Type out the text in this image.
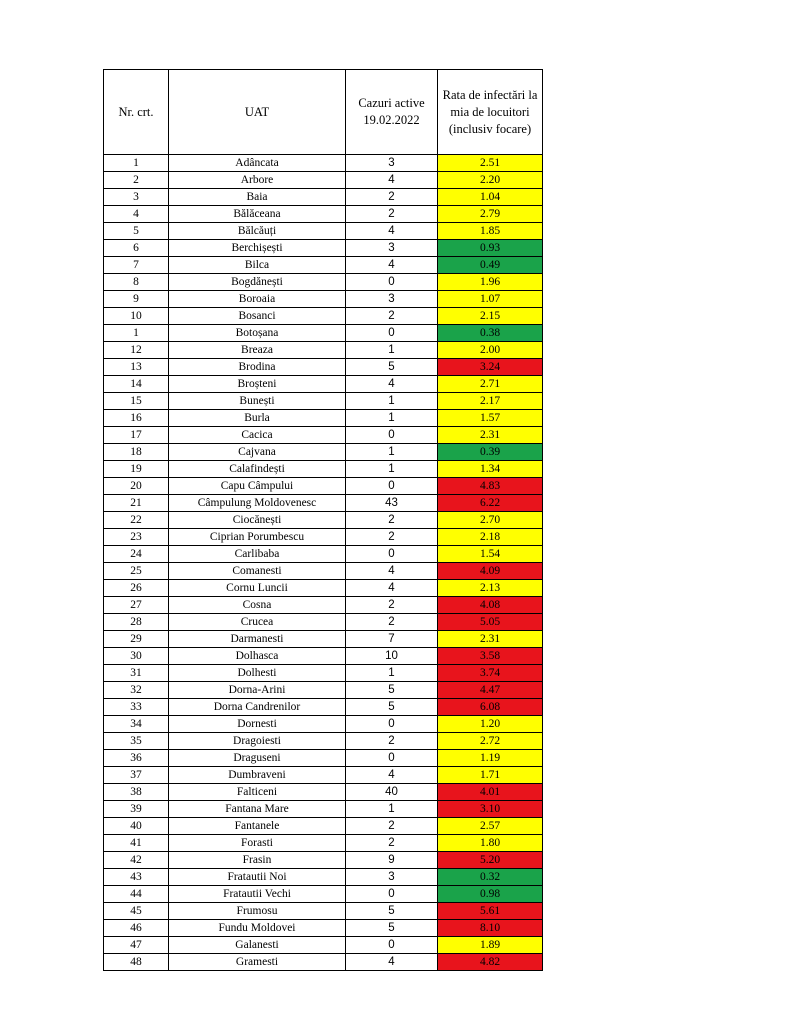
Nr. crt.	UAT	Cazuri active 19.02.2022	Rata de infectări la mia de locuitori (inclusiv focare)
1	Adâncata	3	2.51
2	Arbore	4	2.20
3	Baia	2	1.04
4	Bălăceana	2	2.79
5	Bălcăuți	4	1.85
6	Berchișești	3	0.93
7	Bilca	4	0.49
8	Bogdănești	0	1.96
9	Boroaia	3	1.07
10	Bosanci	2	2.15
1	Botoșana	0	0.38
12	Breaza	1	2.00
13	Brodina	5	3.24
14	Broșteni	4	2.71
15	Bunești	1	2.17
16	Burla	1	1.57
17	Cacica	0	2.31
18	Cajvana	1	0.39
19	Calafindești	1	1.34
20	Capu Câmpului	0	4.83
21	Câmpulung Moldovenesc	43	6.22
22	Ciocănești	2	2.70
23	Ciprian Porumbescu	2	2.18
24	Carlibaba	0	1.54
25	Comanesti	4	4.09
26	Cornu Luncii	4	2.13
27	Cosna	2	4.08
28	Crucea	2	5.05
29	Darmanesti	7	2.31
30	Dolhasca	10	3.58
31	Dolhesti	1	3.74
32	Dorna-Arini	5	4.47
33	Dorna Candrenilor	5	6.08
34	Dornesti	0	1.20
35	Dragoiesti	2	2.72
36	Draguseni	0	1.19
37	Dumbraveni	4	1.71
38	Falticeni	40	4.01
39	Fantana Mare	1	3.10
40	Fantanele	2	2.57
41	Forasti	2	1.80
42	Frasin	9	5.20
43	Fratautii Noi	3	0.32
44	Fratautii Vechi	0	0.98
45	Frumosu	5	5.61
46	Fundu Moldovei	5	8.10
47	Galanesti	0	1.89
48	Gramesti	4	4.82
